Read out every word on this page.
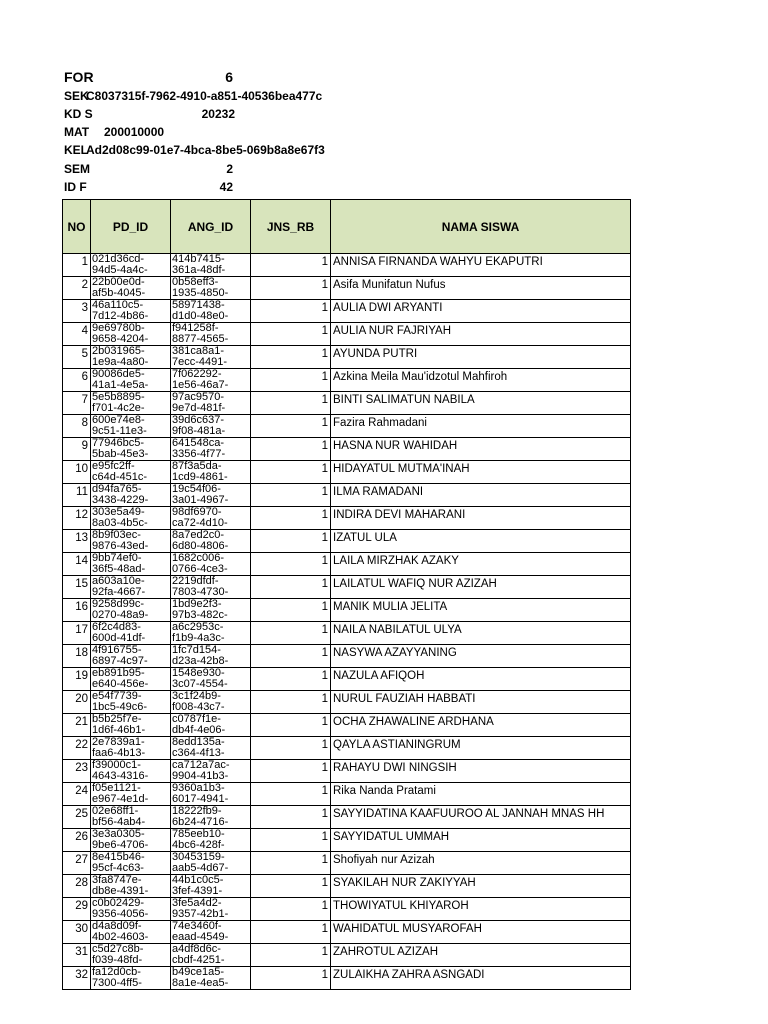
FOR	6
SEKC8037315f-7962-4910-a851-40536bea477c
KD S	20232
MAT 200010000
KELAd2d08c99-01e7-4bca-8be5-069b8a8e67f3
SEM	2
ID F	42
NO	PD_ID	ANG_ID	JNS_RB	NAMA SISWA
1	021d36cd-
94d5-4a4c-	414b7415-
361a-48df-	1	ANNISA FIRNANDA WAHYU EKAPUTRI
2	22b00e0d-
af5b-4045-	0b58eff3-
1935-4850-	1	Asifa Munifatun Nufus
3	46a110c5-
7d12-4b86-	58971438-
d1d0-48e0-	1	AULIA DWI ARYANTI
4	9e69780b-
9658-4204-	f941258f-
8877-4565-	1	AULIA NUR FAJRIYAH
5	2b031965-
1e9a-4a80-	381ca8a1-
7ecc-4491-	1	AYUNDA PUTRI
6	90086de5-
41a1-4e5a-	7f062292-
1e56-46a7-	1	Azkina Meila Mau'idzotul Mahfiroh
7	5e5b8895-
f701-4c2e-	97ac9570-
9e7d-481f-	1	BINTI SALIMATUN NABILA
8	600e74e8-
9c51-11e3-	39d6c637-
9f08-481a-	1	Fazira Rahmadani
9	77946bc5-
5bab-45e3-	641548ca-
3356-4f77-	1	HASNA NUR WAHIDAH
10	e95fc2ff-
c64d-451c-	87f3a5da-
1cd9-4861-	1	HIDAYATUL MUTMA'INAH
11	d94fa765-
3438-4229-	19c54f06-
3a01-4967-	1	ILMA RAMADANI
12	303e5a49-
8a03-4b5c-	98df6970-
ca72-4d10-	1	INDIRA DEVI MAHARANI
13	8b9f03ec-
9876-43ed-	8a7ed2c0-
6d80-4806-	1	IZATUL ULA
14	9bb74ef0-
36f5-48ad-	1682c006-
0766-4ce3-	1	LAILA MIRZHAK AZAKY
15	a603a10e-
92fa-4667-	2219dfdf-
7803-4730-	1	LAILATUL WAFIQ NUR AZIZAH
16	9258d99c-
0270-48a9-	1bd9e2f3-
97b3-482c-	1	MANIK MULIA JELITA
17	6f2c4d83-
600d-41df-	a6c2953c-
f1b9-4a3c-	1	NAILA NABILATUL ULYA
18	4f916755-
6897-4c97-	1fc7d154-
d23a-42b8-	1	NASYWA AZAYYANING
19	eb891b95-
e640-456e-	1548e930-
3c07-4554-	1	NAZULA AFIQOH
20	e54f7739-
1bc5-49c6-	3c1f24b9-
f008-43c7-	1	NURUL FAUZIAH HABBATI
21	b5b25f7e-
1d6f-46b1-	c0787f1e-
db4f-4e06-	1	OCHA ZHAWALINE ARDHANA
22	2e7839a1-
faa6-4b13-	8edd135a-
c364-4f13-	1	QAYLA ASTIANINGRUM
23	f39000c1-
4643-4316-	ca712a7ac-
9904-41b3-	1	RAHAYU DWI NINGSIH
24	f05e1121-
e967-4e1d-	9360a1b3-
6017-4941-	1	Rika Nanda Pratami
25	02e68ff1-
bf56-4ab4-	18222fb9-
6b24-4716-	1	SAYYIDATINA KAAFUUROO AL JANNAH MNAS HH
26	3e3a0305-
9be6-4706-	785eeb10-
4bc6-428f-	1	SAYYIDATUL UMMAH
27	8e415b46-
95cf-4c63-	30453159-
aab5-4d67-	1	Shofiyah nur Azizah
28	3fa8747e-
db8e-4391-	44b1c0c5-
3fef-4391-	1	SYAKILAH NUR ZAKIYYAH
29	c0b02429-
9356-4056-	3fe5a4d2-
9357-42b1-	1	THOWIYATUL KHIYAROH
30	d4a8d09f-
4b02-4603-	74e3460f-
eaad-4549-	1	WAHIDATUL MUSYAROFAH
31	c5d27c8b-
f039-48fd-	a4df8d6c-
cbdf-4251-	1	ZAHROTUL AZIZAH
32	fa12d0cb-
7300-4ff5-	b49ce1a5-
8a1e-4ea5-	1	ZULAIKHA ZAHRA ASNGADI
